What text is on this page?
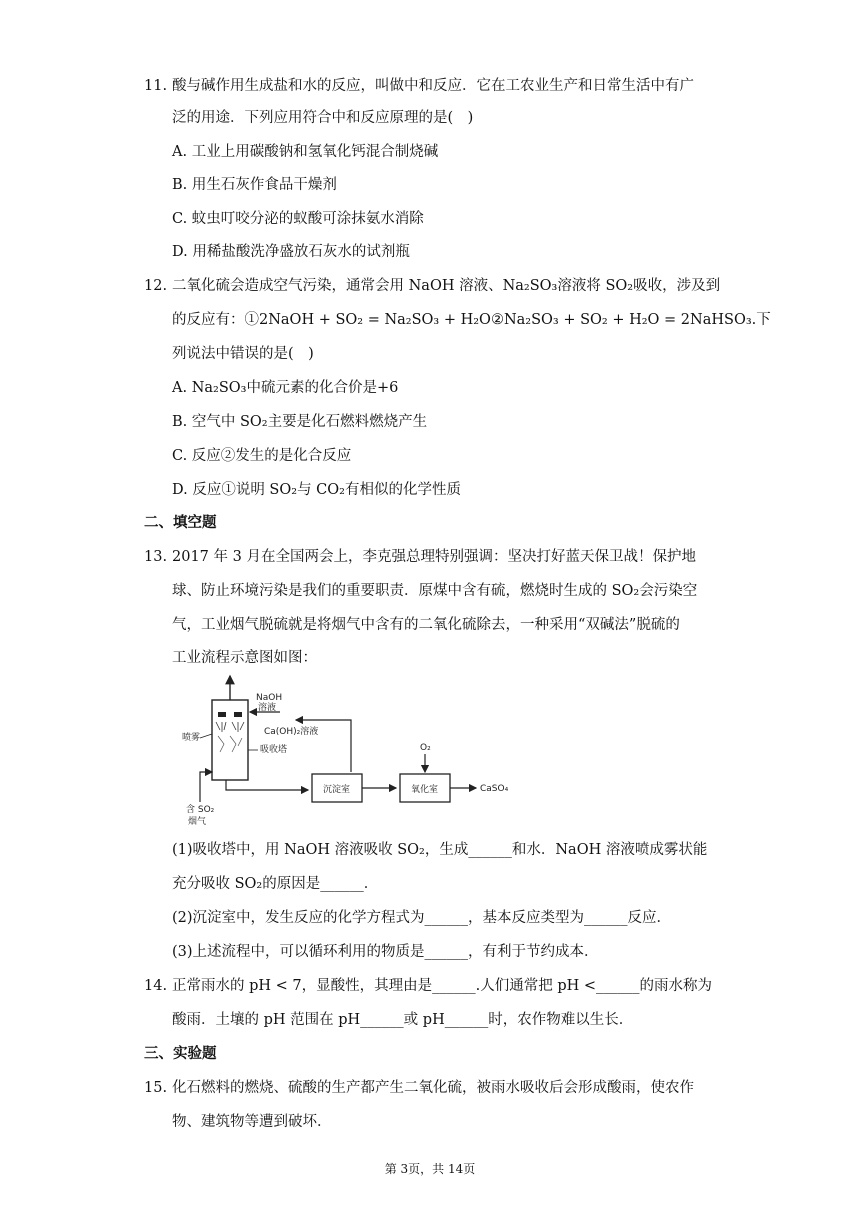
11. 酸与碱作用生成盐和水的反应，叫做中和反应．它在工农业生产和日常生活中有广
泛的用途．下列应用符合中和反应原理的是(　)
A. 工业上用碳酸钠和氢氧化钙混合制烧碱
B. 用生石灰作食品干燥剂
C. 蚊虫叮咬分泌的蚁酸可涂抹氨水消除
D. 用稀盐酸洗净盛放石灰水的试剂瓶
12. 二氧化硫会造成空气污染，通常会用 NaOH 溶液、Na₂SO₃溶液将 SO₂吸收，涉及到
的反应有：①2NaOH + SO₂ = Na₂SO₃ + H₂O②Na₂SO₃ + SO₂ + H₂O = 2NaHSO₃.下
列说法中错误的是(　)
A. Na₂SO₃中硫元素的化合价是+6
B. 空气中 SO₂主要是化石燃料燃烧产生
C. 反应②发生的是化合反应
D. 反应①说明 SO₂与 CO₂有相似的化学性质
二、填空题
13. 2017 年 3 月在全国两会上，李克强总理特别强调：坚决打好蓝天保卫战！保护地
球、防止环境污染是我们的重要职责．原煤中含有硫，燃烧时生成的 SO₂会污染空
气，工业烟气脱硫就是将烟气中含有的二氧化硫除去，一种采用“双碱法”脱硫的
工业流程示意图如图：
NaOH
溶液
Ca(OH)₂溶液
喷雾
吸收塔
含 SO₂
烟气
沉淀室	氧化室
O₂
CaSO₄
(1)吸收塔中，用 NaOH 溶液吸收 SO₂，生成______和水．NaOH 溶液喷成雾状能
充分吸收 SO₂的原因是______．
(2)沉淀室中，发生反应的化学方程式为______，基本反应类型为______反应．
(3)上述流程中，可以循环利用的物质是______，有利于节约成本．
14. 正常雨水的 pH < 7，显酸性，其理由是______.人们通常把 pH <______的雨水称为
酸雨．土壤的 pH 范围在 pH______或 pH______时，农作物难以生长．
三、实验题
15. 化石燃料的燃烧、硫酸的生产都产生二氧化硫，被雨水吸收后会形成酸雨，使农作
物、建筑物等遭到破坏．
第 3页，共 14页
